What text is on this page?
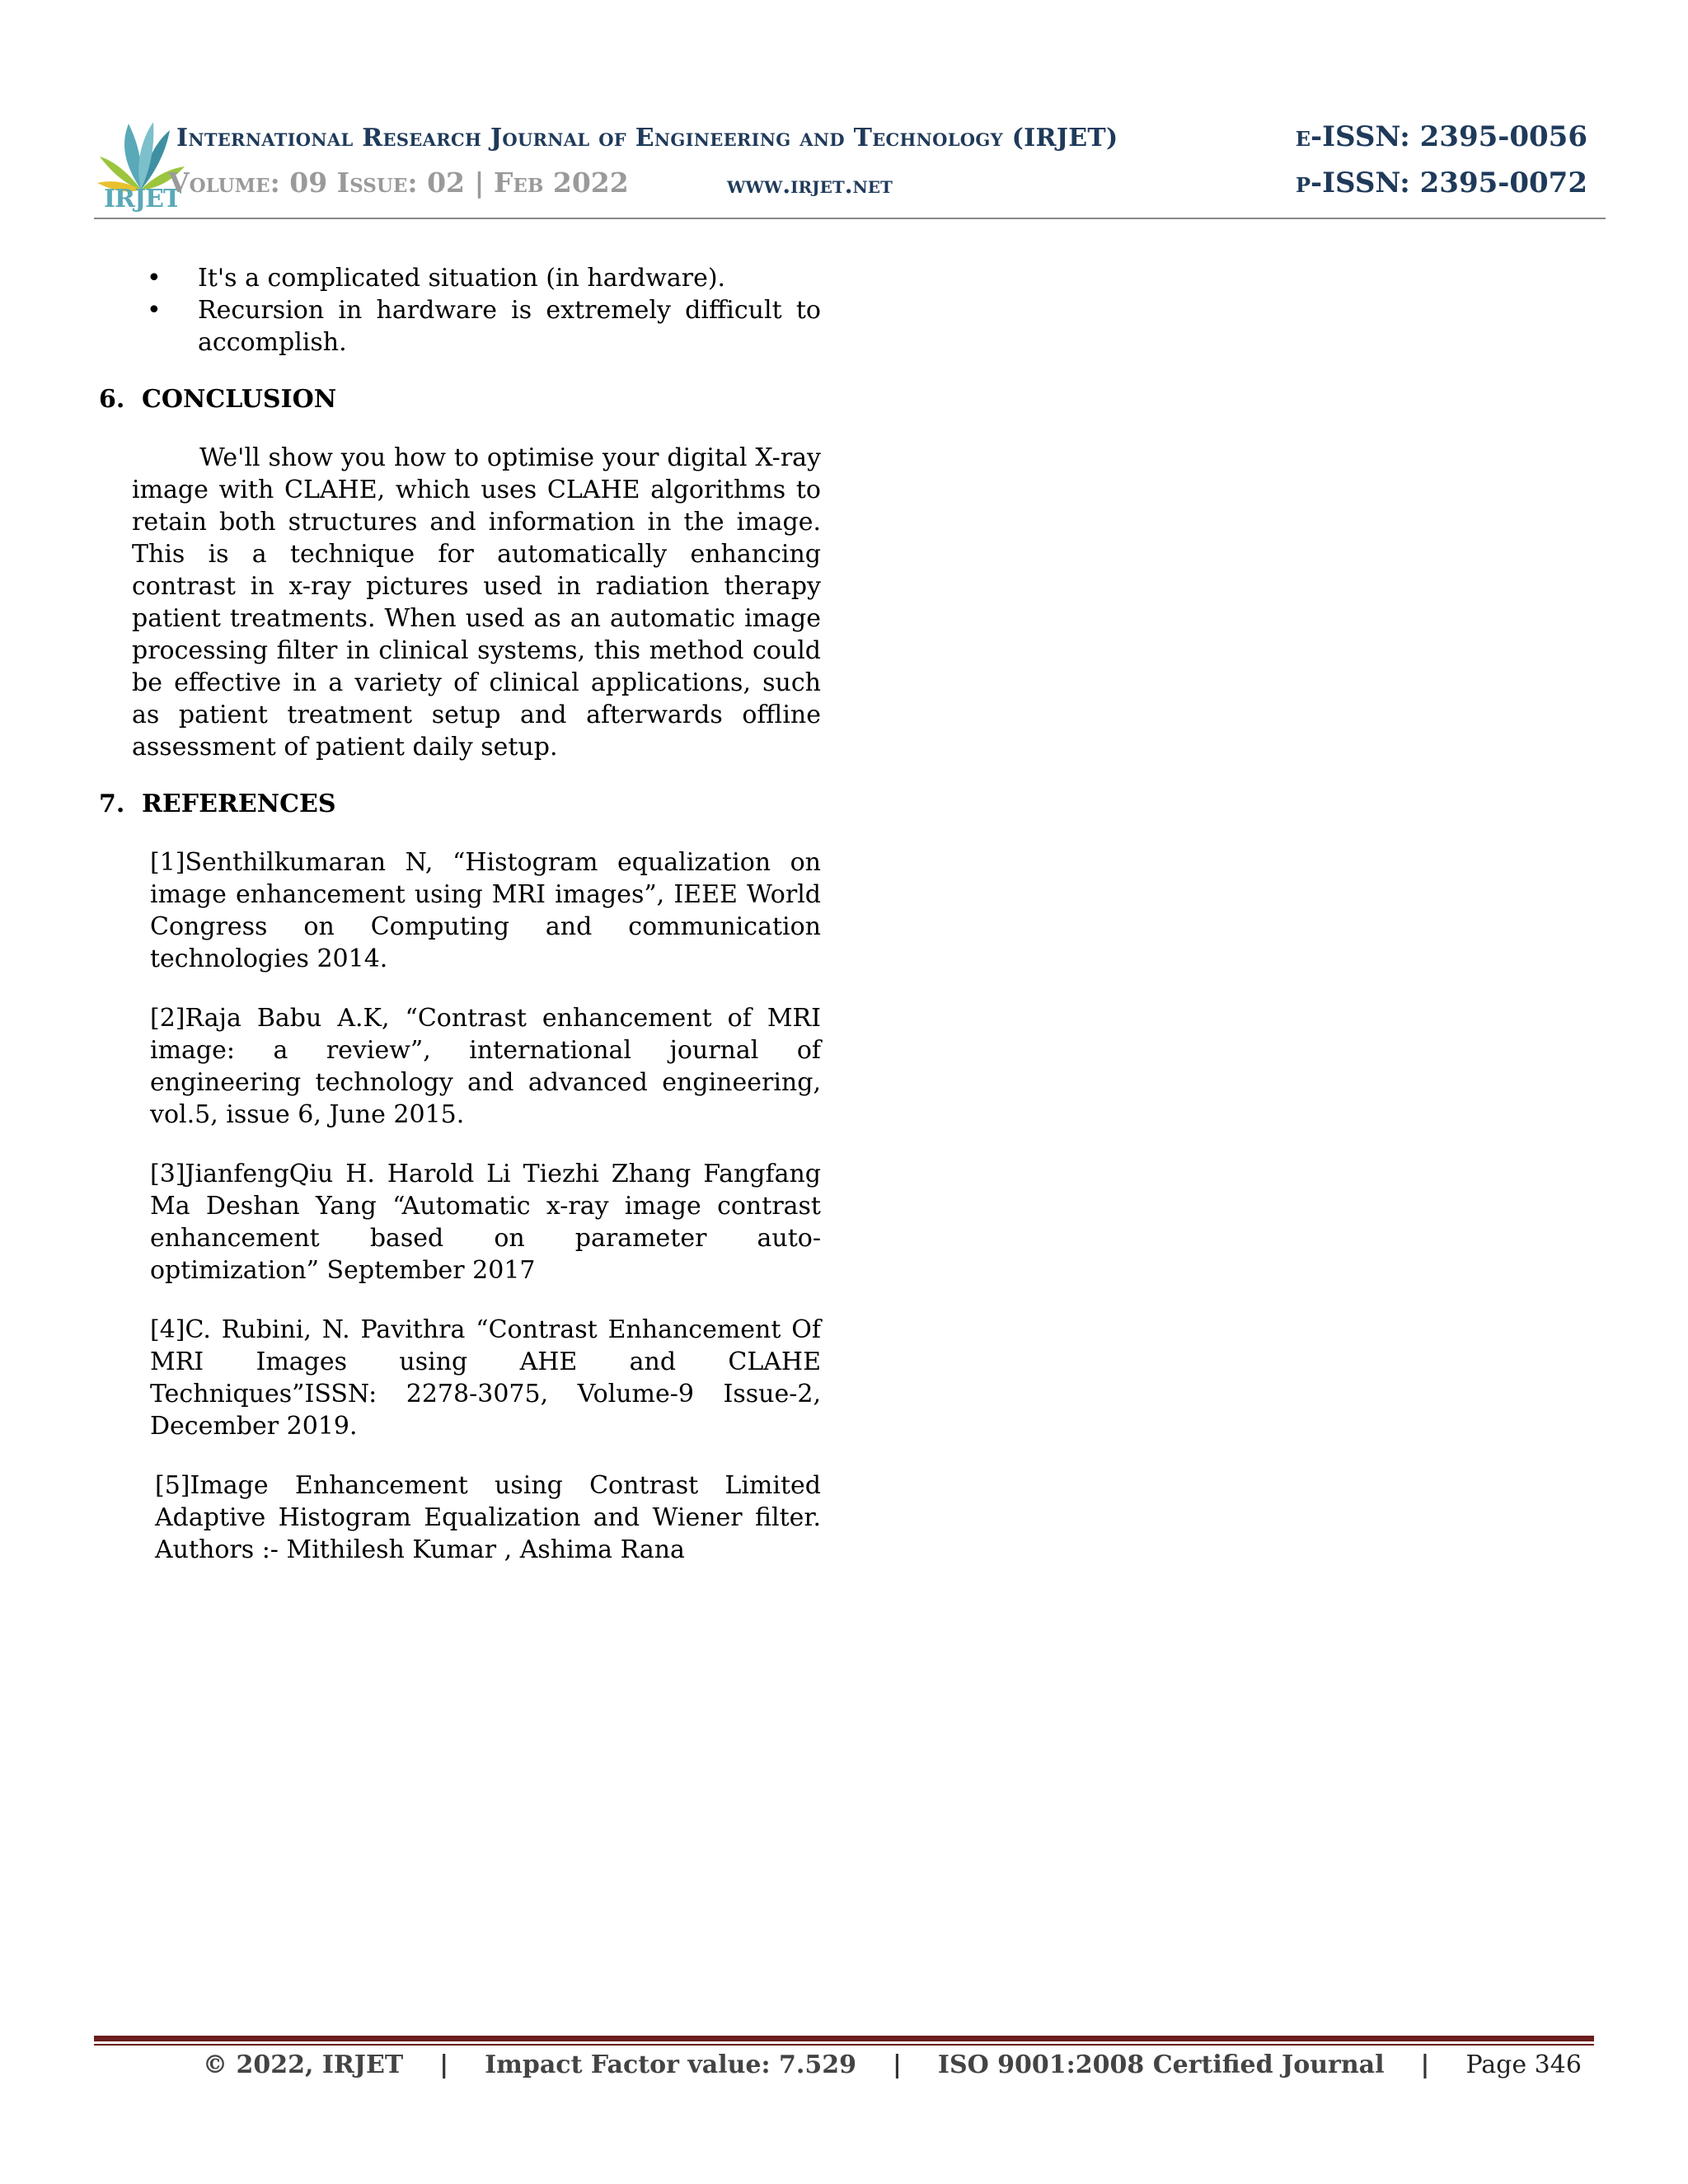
IRJET
International Research Journal of Engineering and Technology (IRJET)	e-ISSN: 2395-0056
Volume: 09 Issue: 02 | Feb 2022	www.irjet.net	p-ISSN: 2395-0072
• It's a complicated situation (in hardware).
• Recursion in hardware is extremely difficult to accomplish.
6. CONCLUSION

We'll show you how to optimise your digital X-ray image with CLAHE, which uses CLAHE algorithms to retain both structures and information in the image. This is a technique for automatically enhancing contrast in x-ray pictures used in radiation therapy patient treatments. When used as an automatic image processing filter in clinical systems, this method could be effective in a variety of clinical applications, such as patient treatment setup and afterwards offline assessment of patient daily setup.

7. REFERENCES
[1]Senthilkumaran N, “Histogram equalization on image enhancement using MRI images”, IEEE World Congress on Computing and communication technologies 2014.
[2]Raja Babu A.K, “Contrast enhancement of MRI image: a review”, international journal of engineering technology and advanced engineering, vol.5, issue 6, June 2015.
[3]JianfengQiu H. Harold Li Tiezhi Zhang Fangfang Ma Deshan Yang “Automatic x-ray image contrast enhancement based on parameter auto- optimization” September 2017
[4]C. Rubini, N. Pavithra “Contrast Enhancement Of MRI Images using AHE and CLAHE Techniques”ISSN: 2278-3075, Volume-9 Issue-2, December 2019.
[5]Image Enhancement using Contrast Limited Adaptive Histogram Equalization and Wiener filter. Authors :- Mithilesh Kumar , Ashima Rana
© 2022, IRJET | Impact Factor value: 7.529 | ISO 9001:2008 Certified Journal | Page 346
